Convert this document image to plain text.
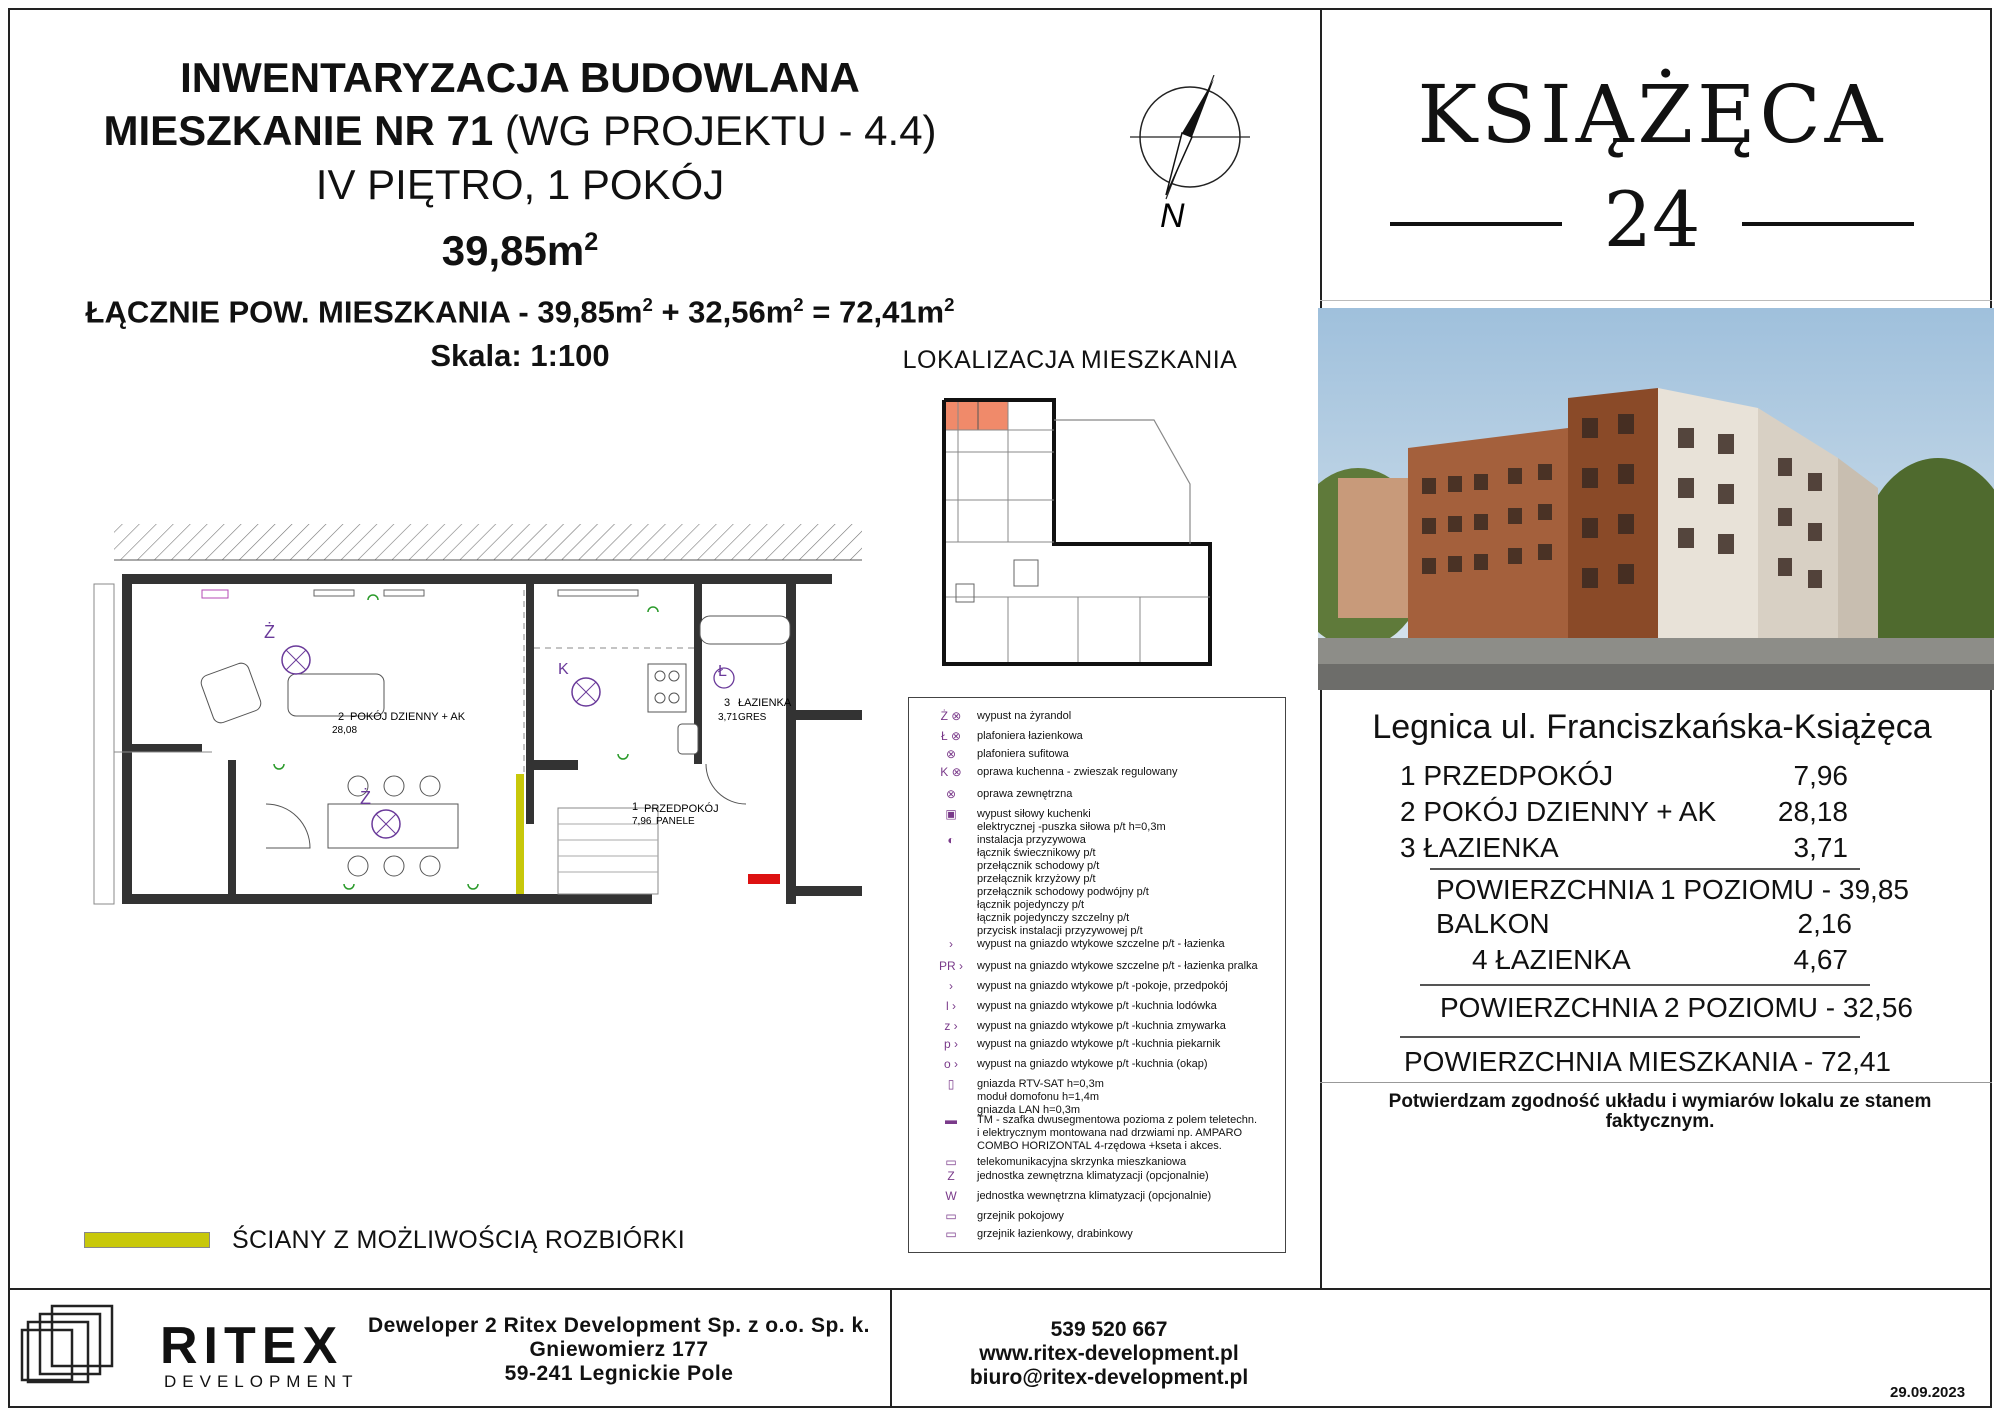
INWENTARYZACJA BUDOWLANA
MIESZKANIE NR 71 (WG PROJEKTU - 4.4)
IV PIĘTRO, 1 POKÓJ
$39,85m^2$
ŁĄCZNIE POW. MIESZKANIA - $39,85m^2 + 32,56m^2 = 72,41m^2$
Skala: 1:100
N
LOKALIZACJA MIESZKANIA
Ż
Ż
K	Ł
2 POKÓJ DZIENNY + AK
28,08
1 PRZEDPOKÓJ
7,96 PANELE
3 ŁAZIENKA
3,71 GRES	Ż ⊗	wypust na żyrandol
Ł ⊗	plafoniera łazienkowa
⊗	plafoniera sufitowa
K ⊗	oprawa kuchenna - zwieszak regulowany
⊗	oprawa zewnętrzna
▣	wypust siłowy kuchenki
elektrycznej -puszka siłowa p/t h=0,3m
◐	instalacja przyzywowa
łącznik świecznikowy p/t
przełącznik schodowy p/t
przełącznik krzyżowy p/t
przełącznik schodowy podwójny p/t
łącznik pojedynczy p/t
łącznik pojedynczy szczelny p/t
przycisk instalacji przyzywowej p/t
›	wypust na gniazdo wtykowe szczelne p/t - łazienka
PR ›	wypust na gniazdo wtykowe szczelne p/t - łazienka pralka
›	wypust na gniazdo wtykowe p/t -pokoje, przedpokój
l ›	wypust na gniazdo wtykowe p/t -kuchnia lodówka
z ›	wypust na gniazdo wtykowe p/t -kuchnia zmywarka
p ›	wypust na gniazdo wtykowe p/t -kuchnia piekarnik
o ›	wypust na gniazdo wtykowe p/t -kuchnia (okap)
▯	gniazda RTV-SAT h=0,3m
moduł domofonu h=1,4m
gniazda LAN h=0,3m
▬	TM - szafka dwusegmentowa pozioma z polem teletechn.
i elektrycznym montowana nad drzwiami np. AMPARO
COMBO HORIZONTAL 4-rzędowa +kseta i akces.
▭	telekomunikacyjna skrzynka mieszkaniowa
Z	jednostka zewnętrzna klimatyzacji (opcjonalnie)
W	jednostka wewnętrzna klimatyzacji (opcjonalnie)
▭	grzejnik pokojowy
▭	grzejnik łazienkowy, drabinkowy
ŚCIANY Z MOŻLIWOŚCIĄ ROZBIÓRKI
KSIĄŻĘCA
24
Legnica ul. Franciszkańska-Książęca
1 PRZEDPOKÓJ	7,96
2 POKÓJ DZIENNY + AK 28,18
3 ŁAZIENKA	3,71
POWIERZCHNIA 1 POZIOMU - 39,85
BALKON	2,16
4 ŁAZIENKA	4,67
POWIERZCHNIA 2 POZIOMU - 32,56
POWIERZCHNIA MIESZKANIA - 72,41
Potwierdzam zgodność układu i wymiarów lokalu ze stanem faktycznym.
RITEX
DEVELOPMENT
Deweloper 2 Ritex Development Sp. z o.o. Sp. k.
Gniewomierz 177
59-241 Legnickie Pole
539 520 667
www.ritex-development.pl
biuro@ritex-development.pl
29.09.2023
